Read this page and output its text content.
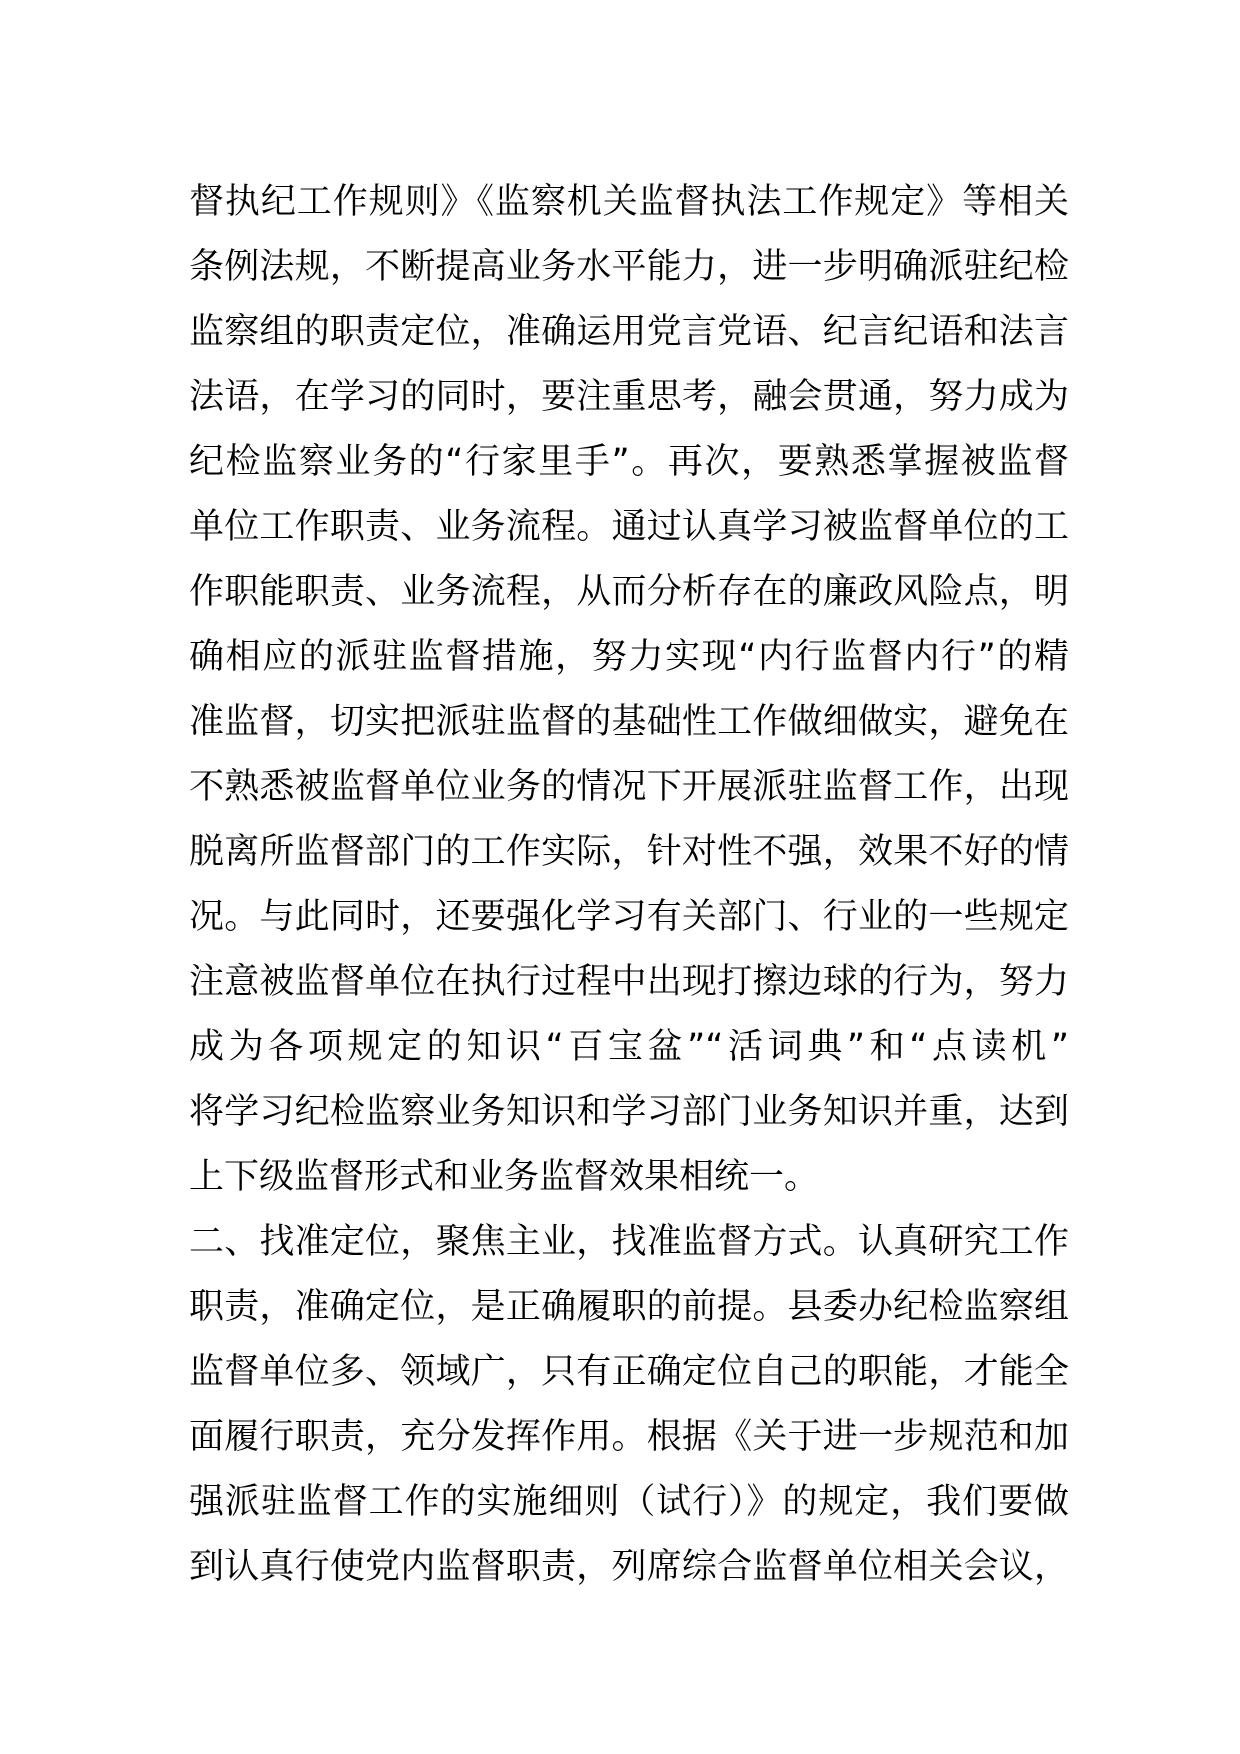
督执纪工作规则》《监察机关监督执法工作规定》等相关
条例法规，不断提高业务水平能力，进一步明确派驻纪检
监察组的职责定位，准确运用党言党语、纪言纪语和法言
法语，在学习的同时，要注重思考，融会贯通，努力成为
纪检监察业务的“行家里手”。再次，要熟悉掌握被监督
单位工作职责、业务流程。通过认真学习被监督单位的工
作职能职责、业务流程，从而分析存在的廉政风险点，明
确相应的派驻监督措施，努力实现“内行监督内行”的精
准监督，切实把派驻监督的基础性工作做细做实，避免在
不熟悉被监督单位业务的情况下开展派驻监督工作，出现
脱离所监督部门的工作实际，针对性不强，效果不好的情
况。与此同时，还要强化学习有关部门、行业的一些规定
注意被监督单位在执行过程中出现打擦边球的行为，努力
成为各项规定的知识“百宝盆”“活词典”和“点读机”
将学习纪检监察业务知识和学习部门业务知识并重，达到
上下级监督形式和业务监督效果相统一。
二、找准定位，聚焦主业，找准监督方式。认真研究工作
职责，准确定位，是正确履职的前提。县委办纪检监察组
监督单位多、领域广，只有正确定位自己的职能，才能全
面履行职责，充分发挥作用。根据《关于进一步规范和加
强派驻监督工作的实施细则（试行）》的规定，我们要做
到认真行使党内监督职责，列席综合监督单位相关会议，
